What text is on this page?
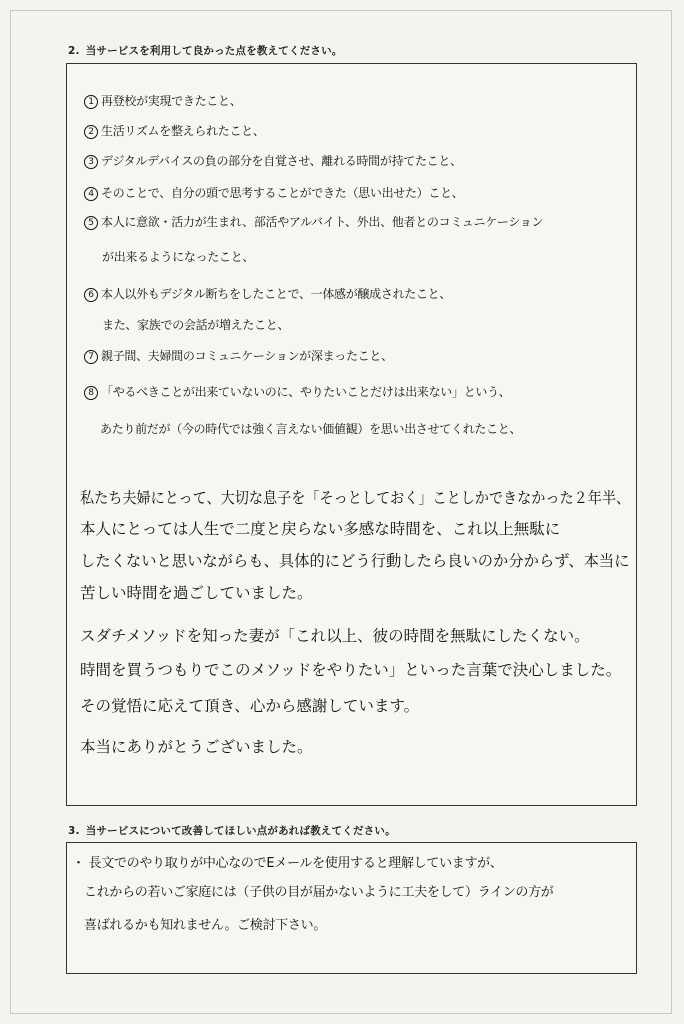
2. 当サービスを利用して良かった点を教えてください。
1 再登校が実現できたこと、
2 生活リズムを整えられたこと、
3 デジタルデバイスの負の部分を自覚させ、離れる時間が持てたこと、
4 そのことで、自分の頭で思考することができた（思い出せた）こと、
5 本人に意欲・活力が生まれ、部活やアルバイト、外出、他者とのコミュニケーション
が出来るようになったこと、
6 本人以外もデジタル断ちをしたことで、一体感が醸成されたこと、
また、家族での会話が増えたこと、
7 親子間、夫婦間のコミュニケーションが深まったこと、
8 「やるべきことが出来ていないのに、やりたいことだけは出来ない」という、
あたり前だが（今の時代では強く言えない価値観）を思い出させてくれたこと、
私たち夫婦にとって、大切な息子を「そっとしておく」ことしかできなかった２年半、
本人にとっては人生で二度と戻らない多感な時間を、これ以上無駄に
したくないと思いながらも、具体的にどう行動したら良いのか分からず、本当に
苦しい時間を過ごしていました。
スダチメソッドを知った妻が「これ以上、彼の時間を無駄にしたくない。
時間を買うつもりでこのメソッドをやりたい」といった言葉で決心しました。
その覚悟に応えて頂き、心から感謝しています。
本当にありがとうございました。
3. 当サービスについて改善してほしい点があれば教えてください。
・ 長文でのやり取りが中心なのでEメールを使用すると理解していますが、
これからの若いご家庭には（子供の目が届かないように工夫をして）ラインの方が
喜ばれるかも知れません。ご検討下さい。
